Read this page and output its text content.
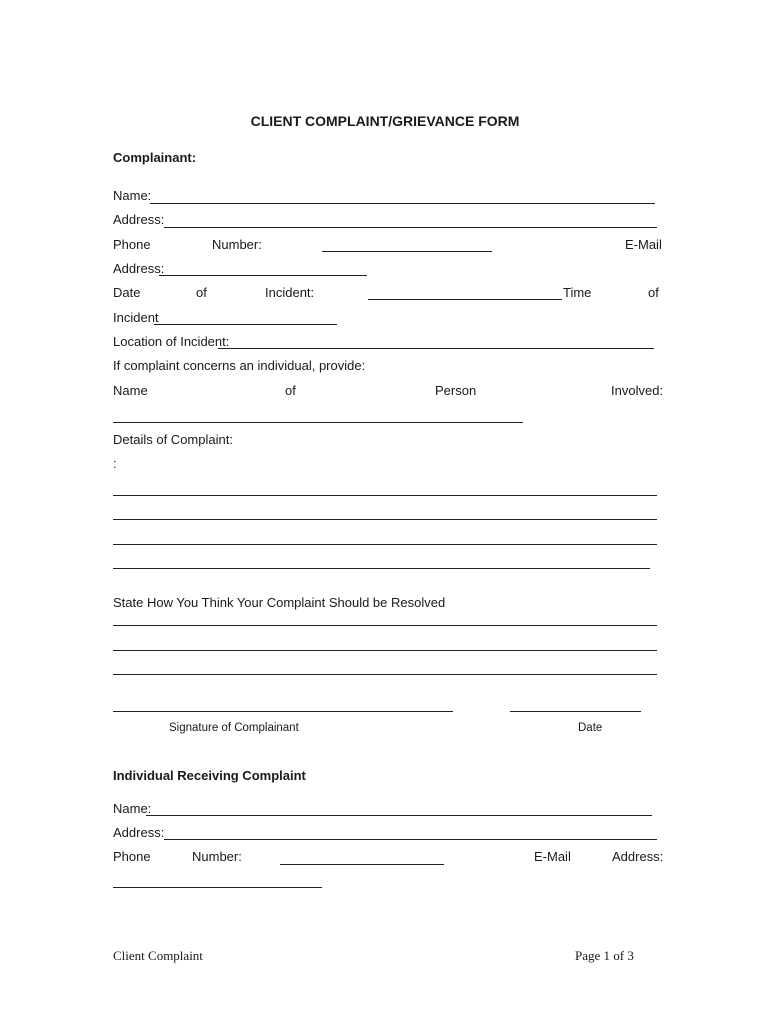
CLIENT COMPLAINT/GRIEVANCE FORM
Complainant:
Name:
Address:
Phone	Number:	E-Mail
Address:
Date	of	Incident:	Time	of
Incident
Location of Incident:
If complaint concerns an individual, provide:
Name	of	Person	Involved:
Details of Complaint:
:
State How You Think Your Complaint Should be Resolved
Signature of Complainant	Date
Individual Receiving Complaint
Name:
Address:
Phone	Number:	E-Mail	Address:
Client Complaint	Page 1 of 3
